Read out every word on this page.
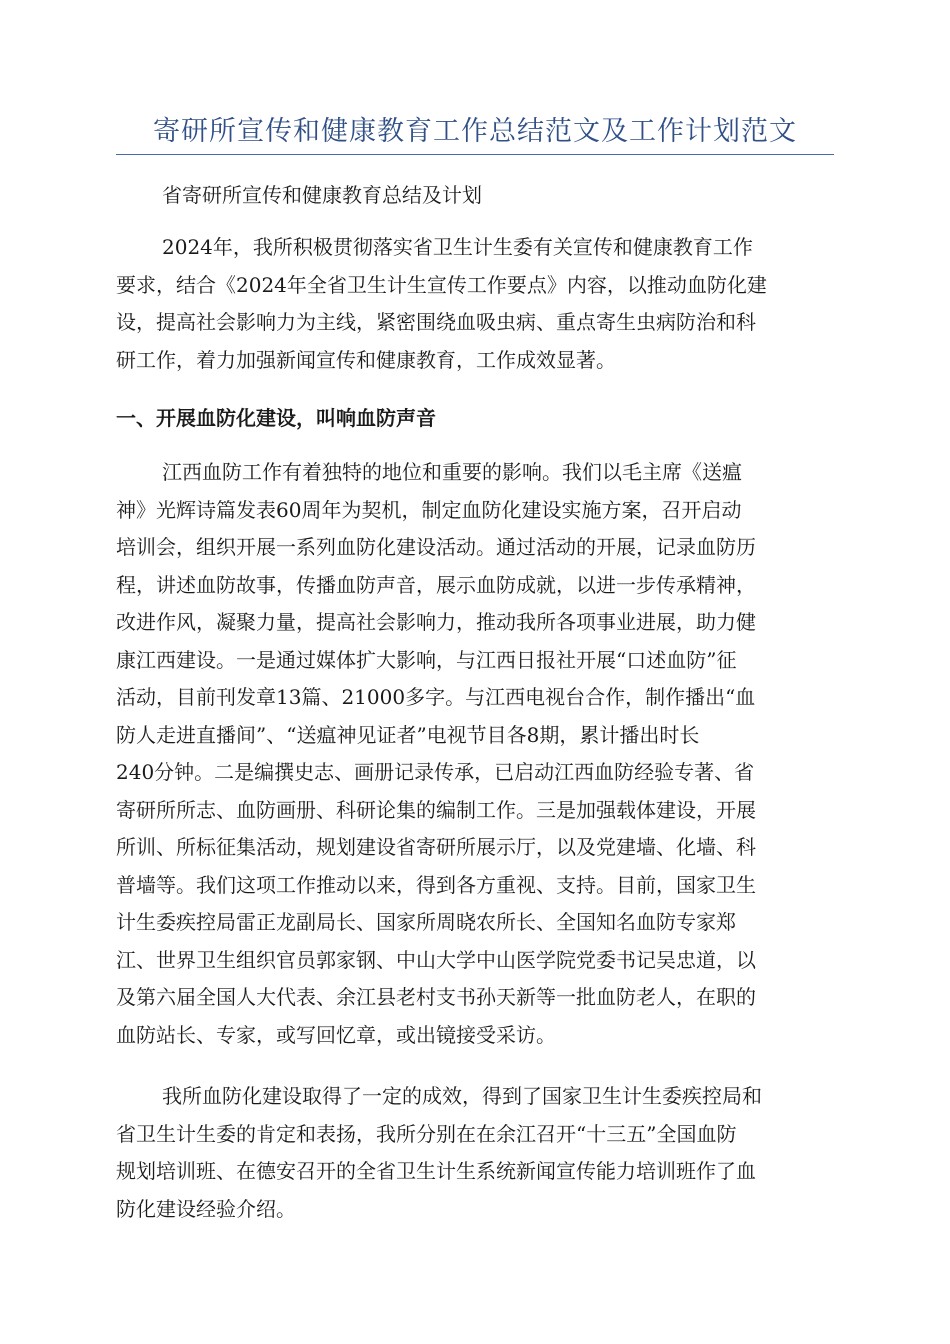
寄研所宣传和健康教育工作总结范文及工作计划范文
省寄研所宣传和健康教育总结及计划

2024年，我所积极贯彻落实省卫生计生委有关宣传和健康教育工作
要求，结合《2024年全省卫生计生宣传工作要点》内容，以推动血防化建
设，提高社会影响力为主线，紧密围绕血吸虫病、重点寄生虫病防治和科
研工作，着力加强新闻宣传和健康教育，工作成效显著。

一、开展血防化建设，叫响血防声音

江西血防工作有着独特的地位和重要的影响。我们以毛主席《送瘟
神》光辉诗篇发表60周年为契机，制定血防化建设实施方案，召开启动
培训会，组织开展一系列血防化建设活动。通过活动的开展，记录血防历
程，讲述血防故事，传播血防声音，展示血防成就，以进一步传承精神，
改进作风，凝聚力量，提高社会影响力，推动我所各项事业进展，助力健
康江西建设。一是通过媒体扩大影响，与江西日报社开展“口述血防”征
活动，目前刊发章13篇、21000多字。与江西电视台合作，制作播出“血
防人走进直播间”、“送瘟神见证者”电视节目各8期，累计播出时长
240分钟。二是编撰史志、画册记录传承，已启动江西血防经验专著、省
寄研所所志、血防画册、科研论集的编制工作。三是加强载体建设，开展
所训、所标征集活动，规划建设省寄研所展示厅，以及党建墙、化墙、科
普墙等。我们这项工作推动以来，得到各方重视、支持。目前，国家卫生
计生委疾控局雷正龙副局长、国家所周晓农所长、全国知名血防专家郑
江、世界卫生组织官员郭家钢、中山大学中山医学院党委书记吴忠道，以
及第六届全国人大代表、余江县老村支书孙天新等一批血防老人，在职的
血防站长、专家，或写回忆章，或出镜接受采访。

我所血防化建设取得了一定的成效，得到了国家卫生计生委疾控局和
省卫生计生委的肯定和表扬，我所分别在在余江召开“十三五”全国血防
规划培训班、在德安召开的全省卫生计生系统新闻宣传能力培训班作了血
防化建设经验介绍。
